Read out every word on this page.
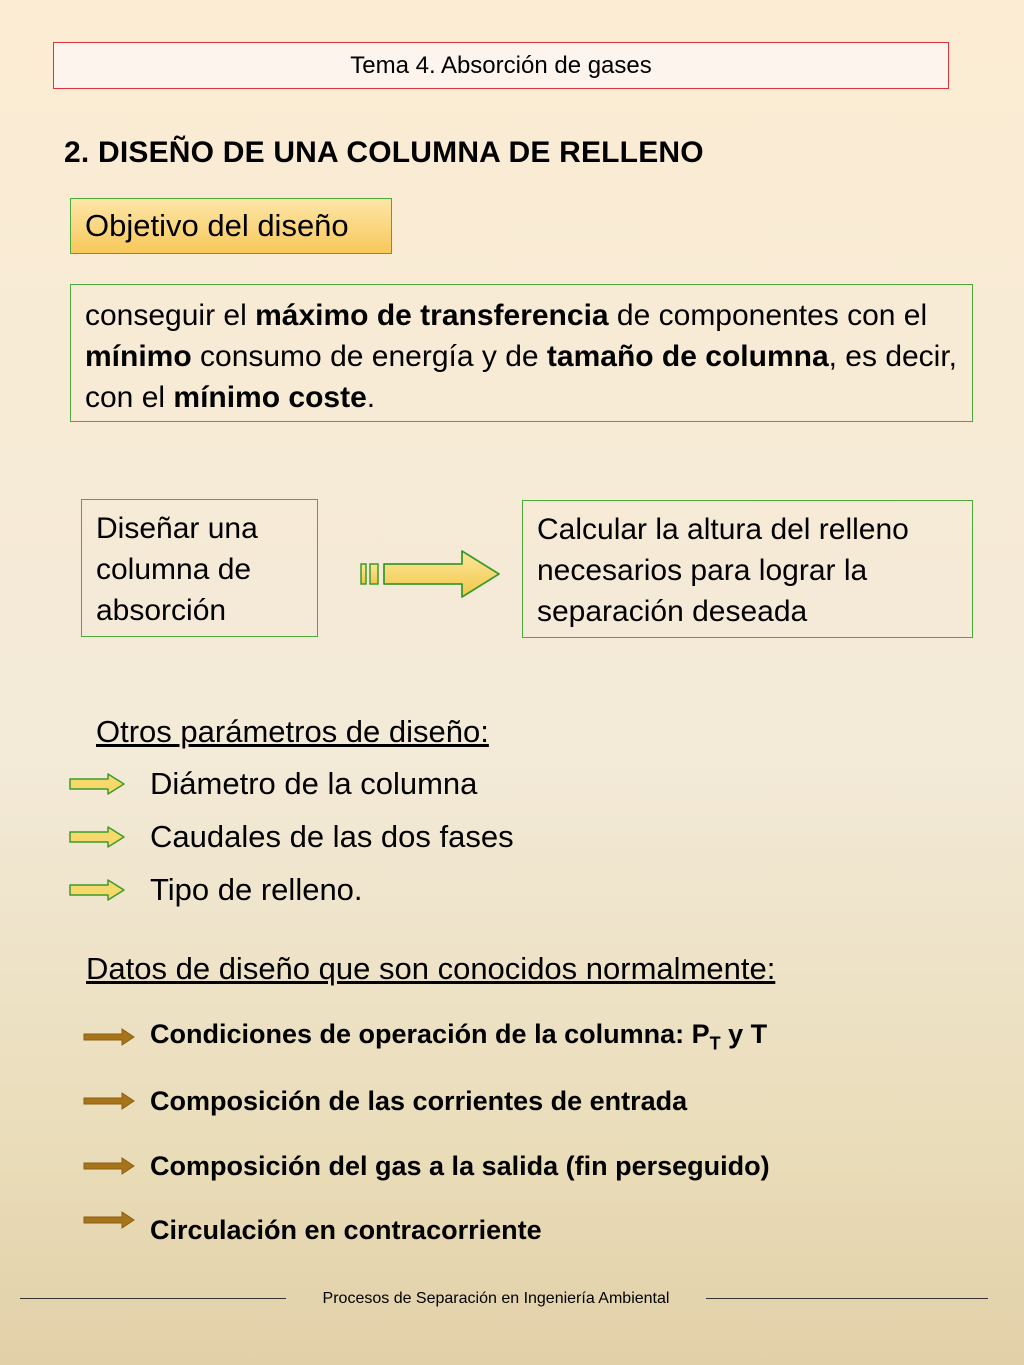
Tema 4. Absorción de gases
2. DISEÑO DE UNA COLUMNA DE RELLENO
Objetivo del diseño
conseguir el máximo de transferencia de componentes con el mínimo consumo de energía y de tamaño de columna, es decir, con el mínimo coste.
Diseñar una columna de absorción
Calcular la altura del relleno necesarios para lograr la separación deseada
Otros parámetros de diseño:
Diámetro de la columna
Caudales de las dos fases
Tipo de relleno.
Datos de diseño que son conocidos normalmente:
Condiciones de operación de la columna: $P_T$ y T
Composición de las corrientes de entrada
Composición del gas a la salida (fin perseguido)
Circulación en contracorriente
Procesos de Separación en Ingeniería Ambiental
